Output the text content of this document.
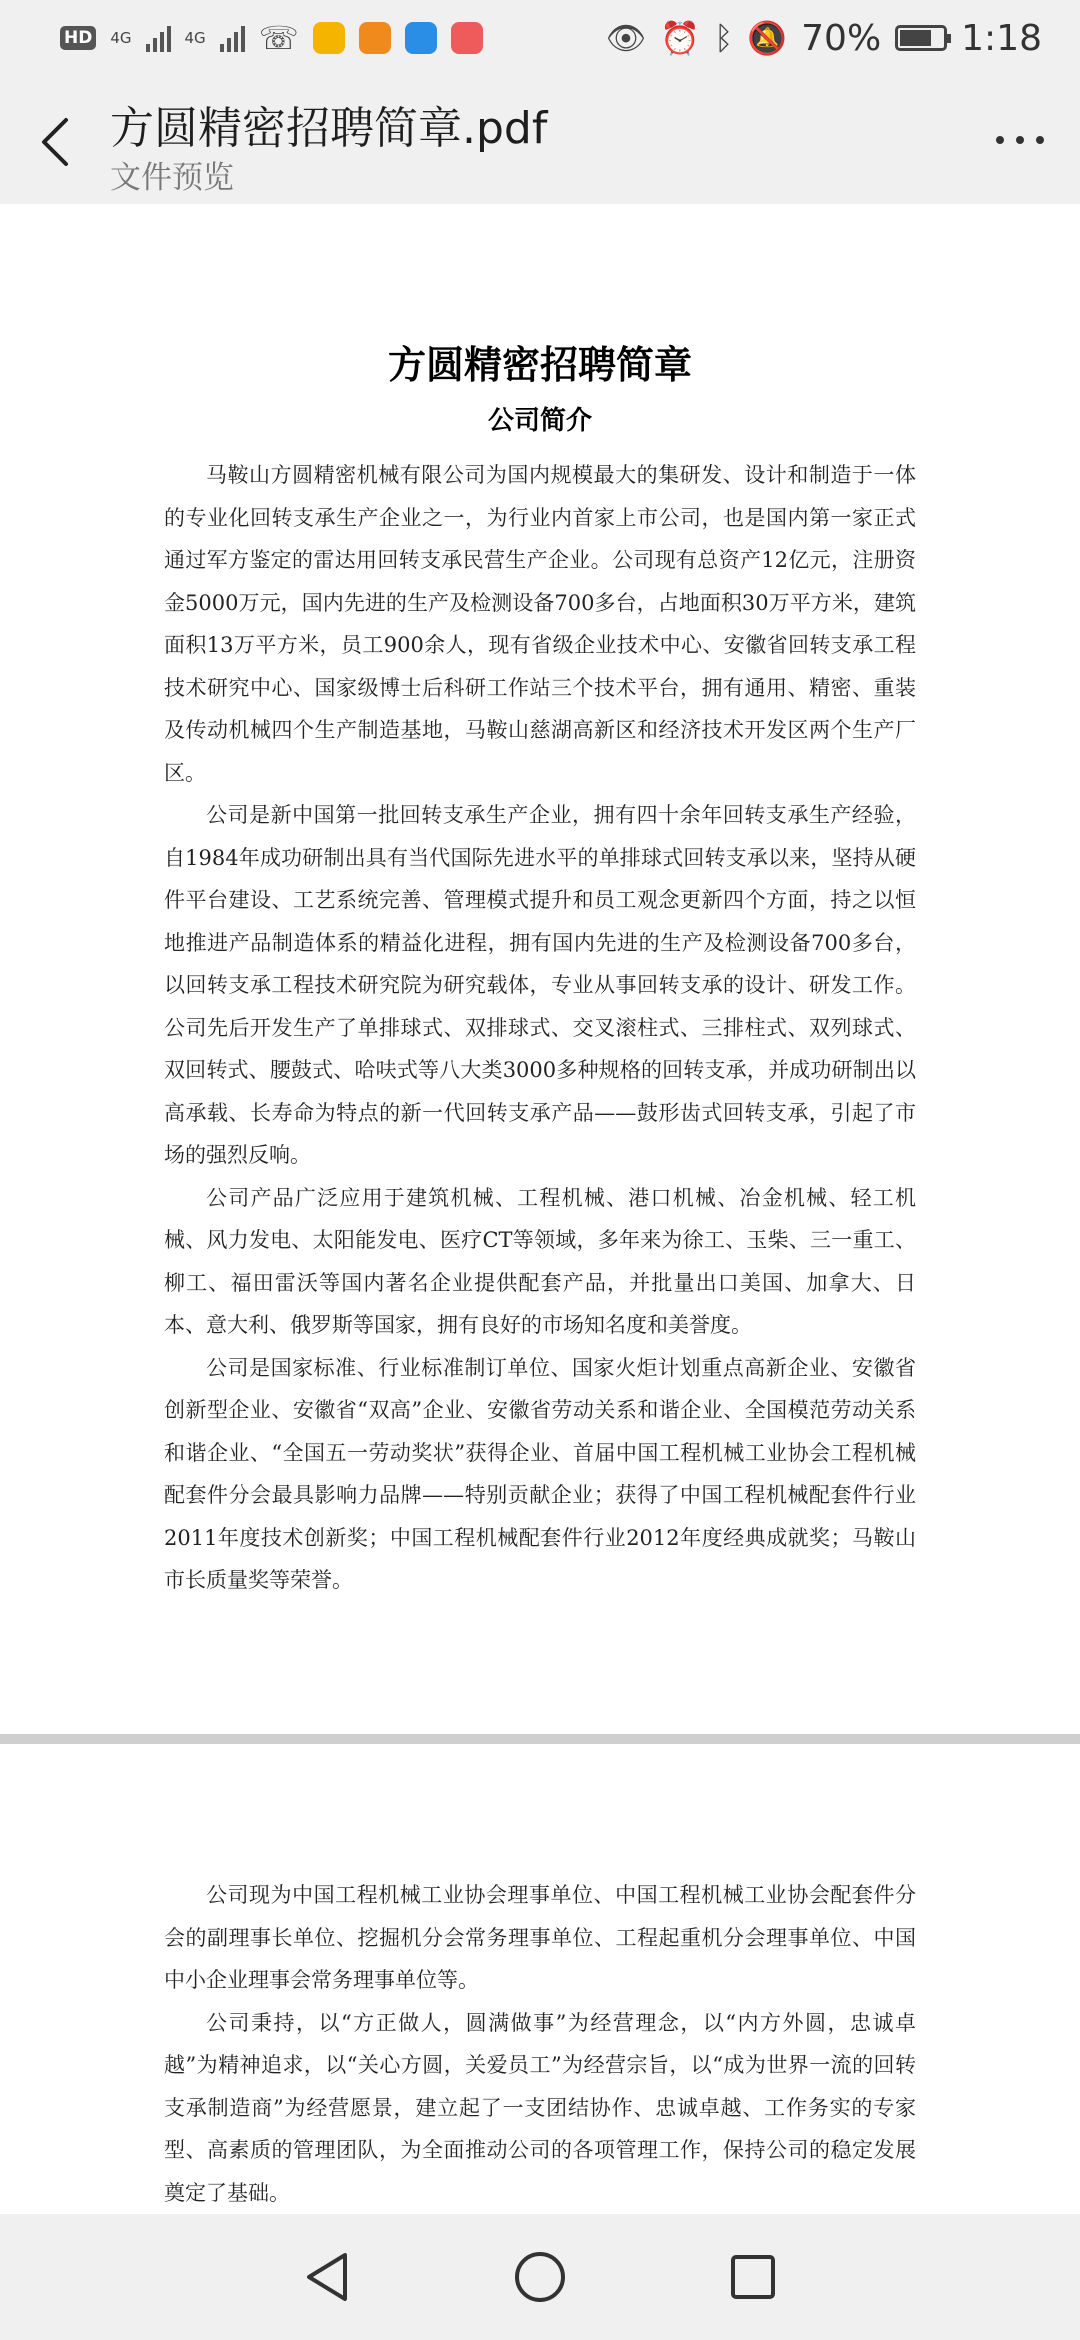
HD 4G	4G ☏	👁 ⏰ ᛒ 🔕 70% 1:18
方圆精密招聘简章.pdf
文件预览
方圆精密招聘简章
公司简介

马鞍山方圆精密机械有限公司为国内规模最大的集研发、设计和制造于一体的专业化回转支承生产企业之一，为行业内首家上市公司，也是国内第一家正式通过军方鉴定的雷达用回转支承民营生产企业。公司现有总资产12亿元，注册资金5000万元，国内先进的生产及检测设备700多台，占地面积30万平方米，建筑面积13万平方米，员工900余人，现有省级企业技术中心、安徽省回转支承工程技术研究中心、国家级博士后科研工作站三个技术平台，拥有通用、精密、重装及传动机械四个生产制造基地，马鞍山慈湖高新区和经济技术开发区两个生产厂区。

公司是新中国第一批回转支承生产企业，拥有四十余年回转支承生产经验，自1984年成功研制出具有当代国际先进水平的单排球式回转支承以来，坚持从硬件平台建设、工艺系统完善、管理模式提升和员工观念更新四个方面，持之以恒地推进产品制造体系的精益化进程，拥有国内先进的生产及检测设备700多台，以回转支承工程技术研究院为研究载体，专业从事回转支承的设计、研发工作。公司先后开发生产了单排球式、双排球式、交叉滚柱式、三排柱式、双列球式、双回转式、腰鼓式、哈呋式等八大类3000多种规格的回转支承，并成功研制出以高承载、长寿命为特点的新一代回转支承产品——鼓形齿式回转支承，引起了市场的强烈反响。

公司产品广泛应用于建筑机械、工程机械、港口机械、冶金机械、轻工机械、风力发电、太阳能发电、医疗CT等领域，多年来为徐工、玉柴、三一重工、柳工、福田雷沃等国内著名企业提供配套产品，并批量出口美国、加拿大、日本、意大利、俄罗斯等国家，拥有良好的市场知名度和美誉度。

公司是国家标准、行业标准制订单位、国家火炬计划重点高新企业、安徽省创新型企业、安徽省“双高”企业、安徽省劳动关系和谐企业、全国模范劳动关系和谐企业、“全国五一劳动奖状”获得企业、首届中国工程机械工业协会工程机械配套件分会最具影响力品牌——特别贡献企业；获得了中国工程机械配套件行业2011年度技术创新奖；中国工程机械配套件行业2012年度经典成就奖；马鞍山市长质量奖等荣誉。

公司现为中国工程机械工业协会理事单位、中国工程机械工业协会配套件分会的副理事长单位、挖掘机分会常务理事单位、工程起重机分会理事单位、中国中小企业理事会常务理事单位等。

公司秉持，以“方正做人，圆满做事”为经营理念，以“内方外圆，忠诚卓越”为精神追求，以“关心方圆，关爱员工”为经营宗旨，以“成为世界一流的回转支承制造商”为经营愿景，建立起了一支团结协作、忠诚卓越、工作务实的专家型、高素质的管理团队，为全面推动公司的各项管理工作，保持公司的稳定发展奠定了基础。
